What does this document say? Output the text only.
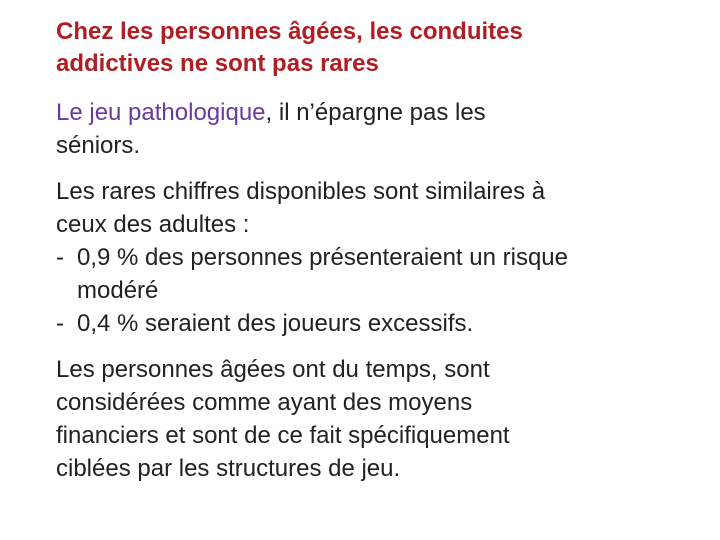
Chez les personnes âgées, les conduites
addictives ne sont pas rares

Le jeu pathologique, il n’épargne pas les
séniors.

Les rares chiffres disponibles sont similaires à
ceux des adultes :
- 0,9 % des personnes présenteraient un risque
modéré
- 0,4 % seraient des joueurs excessifs.

Les personnes âgées ont du temps, sont
considérées comme ayant des moyens
financiers et sont de ce fait spécifiquement
ciblées par les structures de jeu.
